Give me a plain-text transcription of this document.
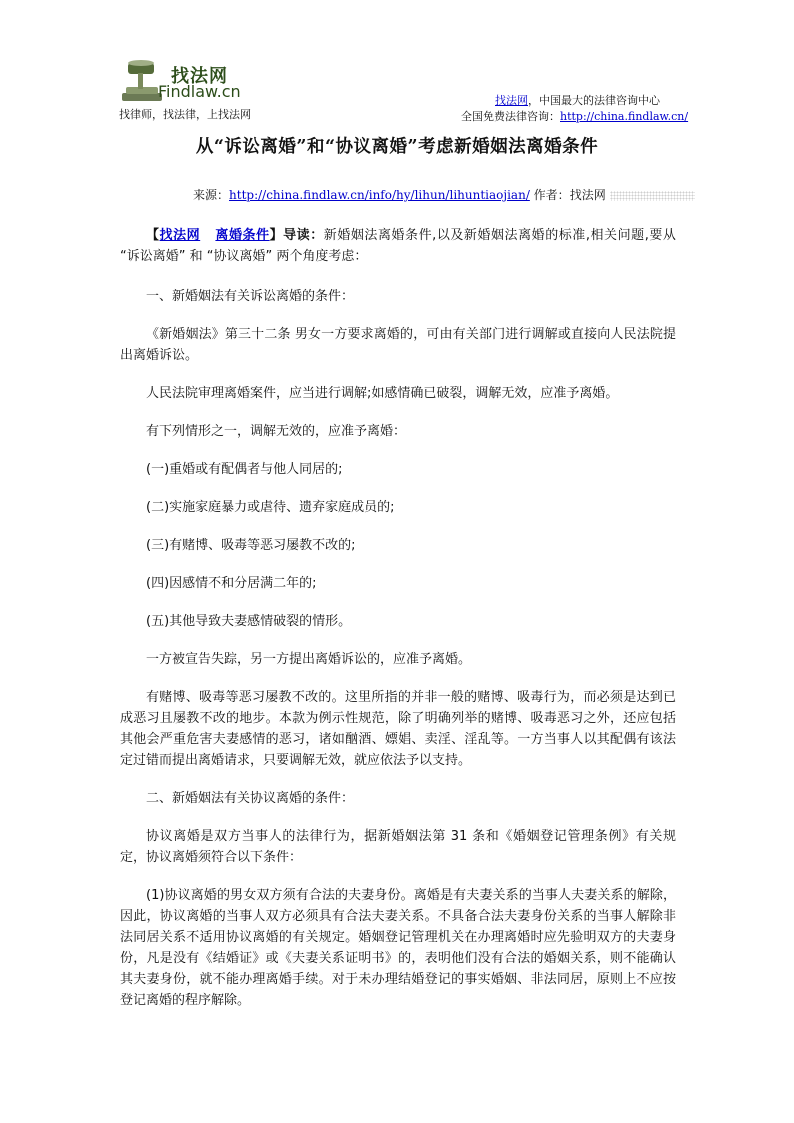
找法网
Findlaw.cn
找律师，找法律，上找法网
找法网，中国最大的法律咨询中心
全国免费法律咨询：http://china.findlaw.cn/
从“诉讼离婚”和“协议离婚”考虑新婚姻法离婚条件
来源：http://china.findlaw.cn/info/hy/lihun/lihuntiaojian/ 作者：找法网

【找法网 离婚条件】导读：新婚姻法离婚条件,以及新婚姻法离婚的标准,相关问题,要从 “诉讼离婚” 和 “协议离婚” 两个角度考虑：

一、新婚姻法有关诉讼离婚的条件：

《新婚姻法》第三十二条 男女一方要求离婚的，可由有关部门进行调解或直接向人民法院提出离婚诉讼。

人民法院审理离婚案件，应当进行调解;如感情确已破裂，调解无效，应准予离婚。

有下列情形之一，调解无效的，应准予离婚：

(一)重婚或有配偶者与他人同居的;

(二)实施家庭暴力或虐待、遗弃家庭成员的;

(三)有赌博、吸毒等恶习屡教不改的;

(四)因感情不和分居满二年的;

(五)其他导致夫妻感情破裂的情形。

一方被宣告失踪，另一方提出离婚诉讼的，应准予离婚。

有赌博、吸毒等恶习屡教不改的。这里所指的并非一般的赌博、吸毒行为，而必须是达到已成恶习且屡教不改的地步。本款为例示性规范，除了明确列举的赌博、吸毒恶习之外，还应包括其他会严重危害夫妻感情的恶习，诸如酗酒、嫖娼、卖淫、淫乱等。一方当事人以其配偶有该法定过错而提出离婚请求，只要调解无效，就应依法予以支持。

二、新婚姻法有关协议离婚的条件：

协议离婚是双方当事人的法律行为，据新婚姻法第 31 条和《婚姻登记管理条例》有关规定，协议离婚须符合以下条件：

(1)协议离婚的男女双方须有合法的夫妻身份。离婚是有夫妻关系的当事人夫妻关系的解除，因此，协议离婚的当事人双方必须具有合法夫妻关系。不具备合法夫妻身份关系的当事人解除非法同居关系不适用协议离婚的有关规定。婚姻登记管理机关在办理离婚时应先验明双方的夫妻身份，凡是没有《结婚证》或《夫妻关系证明书》的，表明他们没有合法的婚姻关系，则不能确认其夫妻身份，就不能办理离婚手续。对于未办理结婚登记的事实婚姻、非法同居，原则上不应按登记离婚的程序解除。
